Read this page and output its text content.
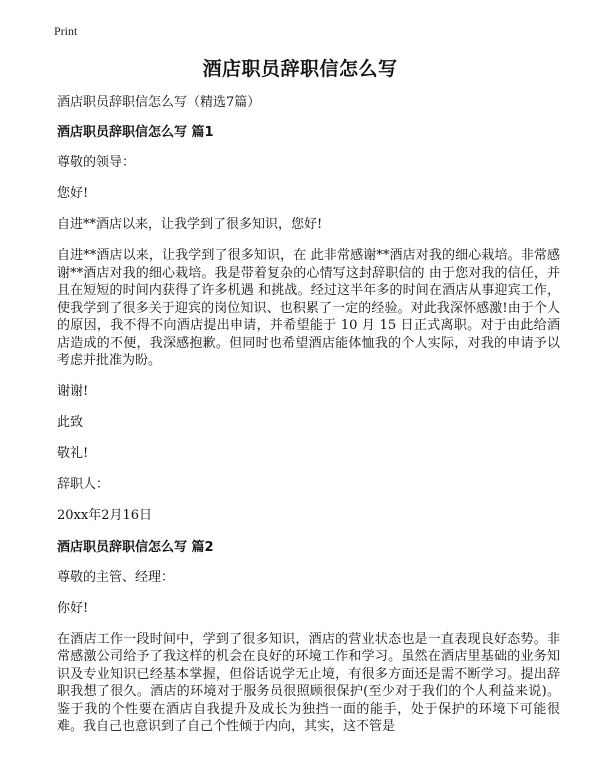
Print
酒店职员辞职信怎么写
酒店职员辞职信怎么写（精选7篇）
酒店职员辞职信怎么写 篇1
尊敬的领导：
您好!
自进**酒店以来，让我学到了很多知识，您好!
自进**酒店以来，让我学到了很多知识，在 此非常感谢**酒店对我的细心栽培。非常感谢**酒店对我的细心栽培。我是带着复杂的心情写这封辞职信的 由于您对我的信任，并且在短短的时间内获得了许多机遇 和挑战。经过这半年多的时间在酒店从事迎宾工作，使我学到了很多关于迎宾的岗位知识、也积累了一定的经验。对此我深怀感激!由于个人的原因，我不得不向酒店提出申请，并希望能于 10 月 15 日正式离职。对于由此给酒店造成的不便，我深感抱歉。但同时也希望酒店能体恤我的个人实际，对我的申请予以考虑并批准为盼。
谢谢!
此致
敬礼!
辞职人：
20xx年2月16日
酒店职员辞职信怎么写 篇2
尊敬的主管、经理：
你好!
在酒店工作一段时间中，学到了很多知识，酒店的营业状态也是一直表现良好态势。非常感激公司给予了我这样的机会在良好的环境工作和学习。虽然在酒店里基础的业务知识及专业知识已经基本掌握，但俗话说学无止境，有很多方面还是需不断学习。提出辞职我想了很久。酒店的环境对于服务员很照顾很保护(至少对于我们的个人利益来说)。鉴于我的个性要在酒店自我提升及成长为独挡一面的能手，处于保护的环境下可能很难。我自己也意识到了自己个性倾于内向，其实，这不管是
